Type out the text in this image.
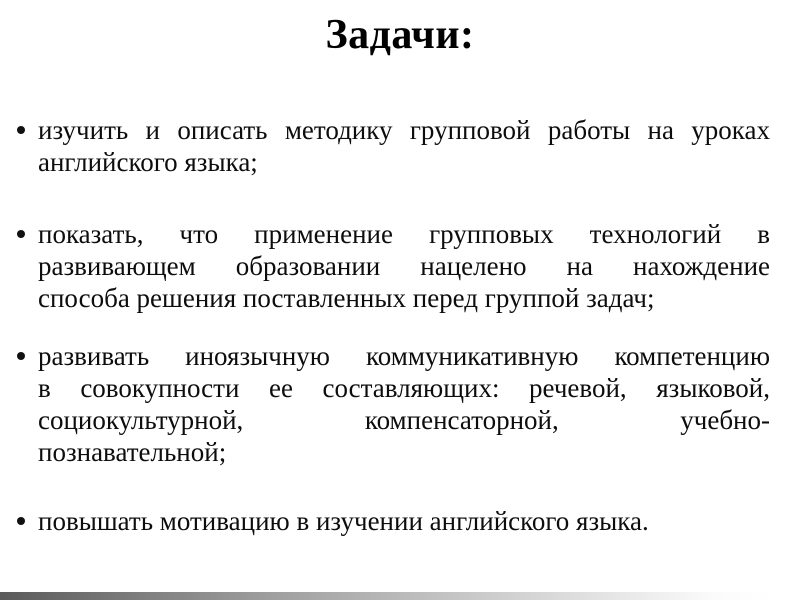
Задачи:
изучить и описать методику групповой работы на уроках
английского языка;
показать, что применение групповых технологий в
развивающем образовании нацелено на нахождение
способа решения поставленных перед группой задач;
развивать иноязычную коммуникативную компетенцию
в совокупности ее составляющих: речевой, языковой,
социокультурной, компенсаторной, учебно-
познавательной;
повышать мотивацию в изучении английского языка.
